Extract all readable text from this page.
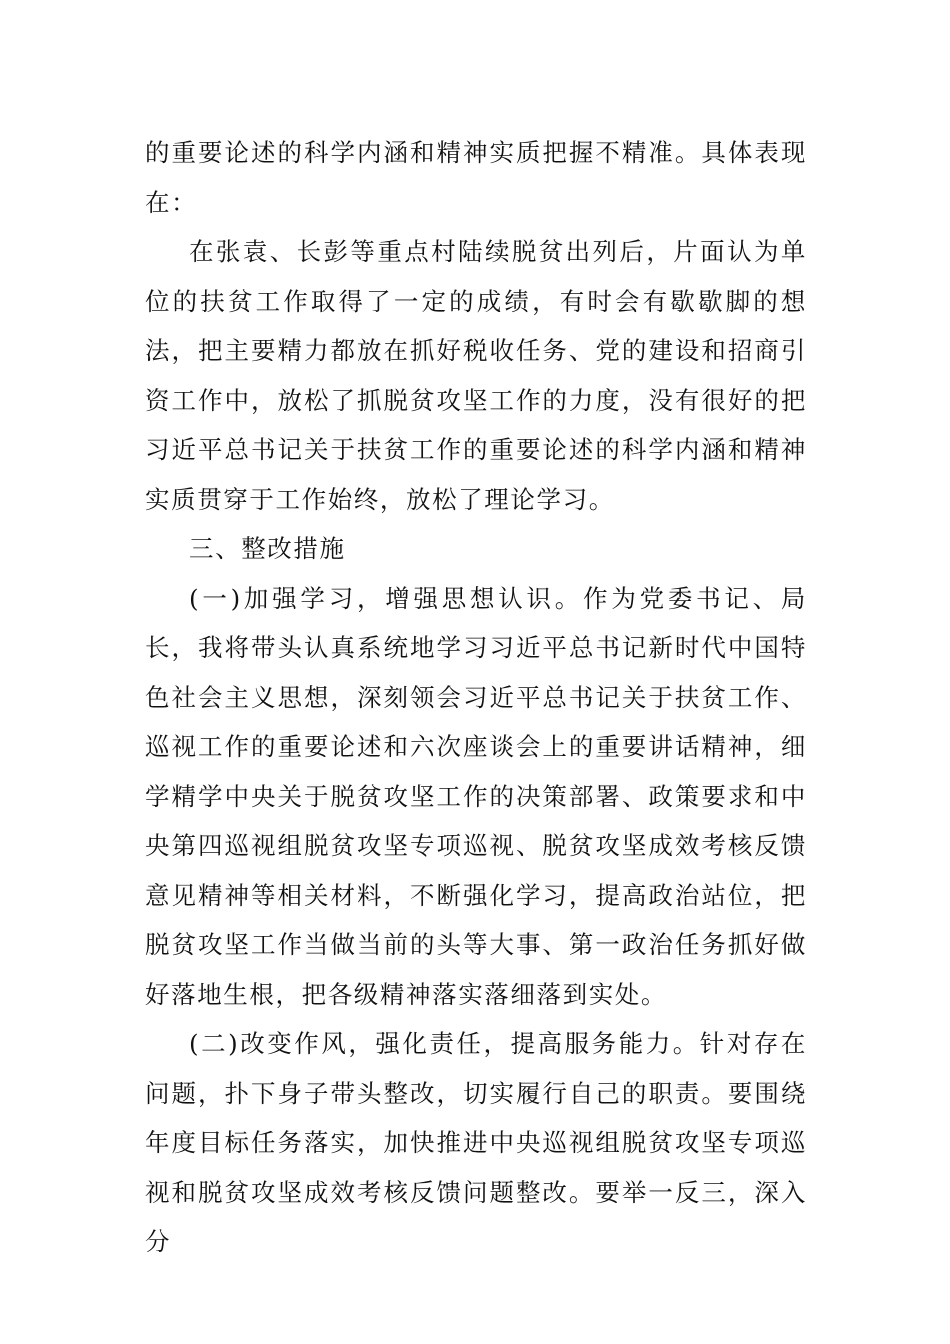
的重要论述的科学内涵和精神实质把握不精准。具体表现在：

在张袁、长彭等重点村陆续脱贫出列后，片面认为单位的扶贫工作取得了一定的成绩，有时会有歇歇脚的想法，把主要精力都放在抓好税收任务、党的建设和招商引资工作中，放松了抓脱贫攻坚工作的力度，没有很好的把习近平总书记关于扶贫工作的重要论述的科学内涵和精神实质贯穿于工作始终，放松了理论学习。

三、整改措施

(一)加强学习，增强思想认识。作为党委书记、局长，我将带头认真系统地学习习近平总书记新时代中国特色社会主义思想，深刻领会习近平总书记关于扶贫工作、巡视工作的重要论述和六次座谈会上的重要讲话精神，细学精学中央关于脱贫攻坚工作的决策部署、政策要求和中央第四巡视组脱贫攻坚专项巡视、脱贫攻坚成效考核反馈意见精神等相关材料，不断强化学习，提高政治站位，把脱贫攻坚工作当做当前的头等大事、第一政治任务抓好做好落地生根，把各级精神落实落细落到实处。

(二)改变作风，强化责任，提高服务能力。针对存在问题，扑下身子带头整改，切实履行自己的职责。要围绕年度目标任务落实，加快推进中央巡视组脱贫攻坚专项巡视和脱贫攻坚成效考核反馈问题整改。要举一反三，深入分
